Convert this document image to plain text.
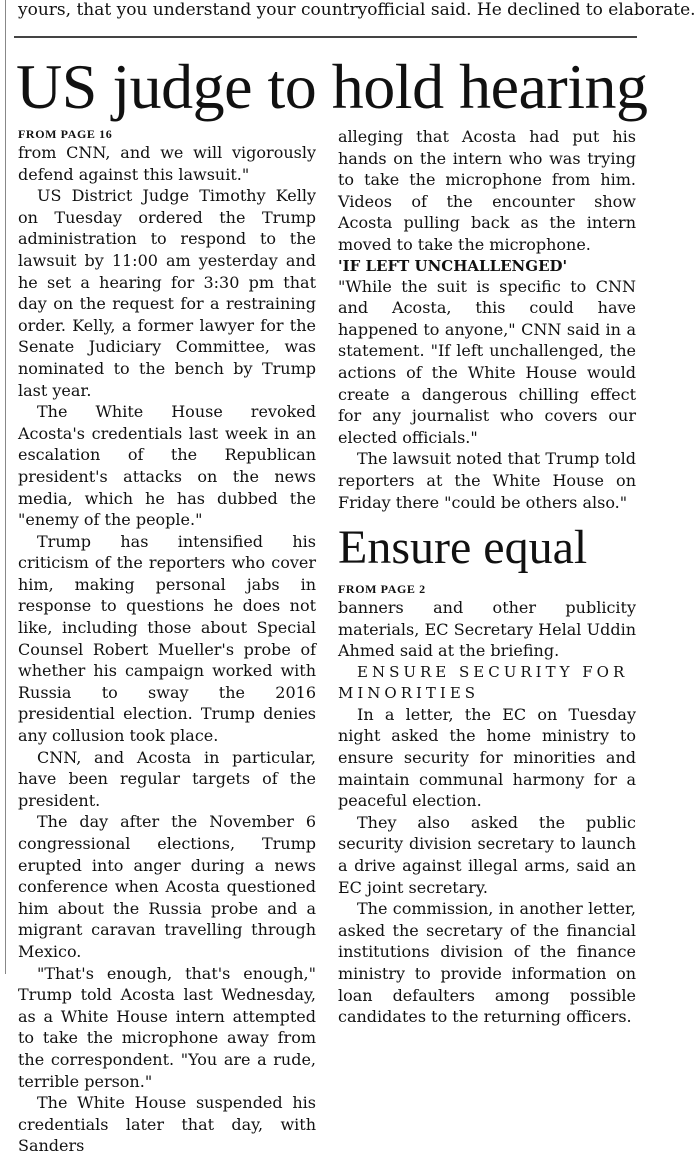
yours, that you understand your country official said. He declined to elaborate.
US judge to hold hearing
FROM PAGE 16

from CNN, and we will vigorously defend against this lawsuit."

US District Judge Timothy Kelly on Tuesday ordered the Trump administration to respond to the lawsuit by 11:00 am yesterday and he set a hearing for 3:30 pm that day on the request for a restraining order. Kelly, a former lawyer for the Senate Judiciary Committee, was nominated to the bench by Trump last year.

The White House revoked Acosta's credentials last week in an escalation of the Republican president's attacks on the news media, which he has dubbed the "enemy of the people."

Trump has intensified his criticism of the reporters who cover him, making personal jabs in response to questions he does not like, including those about Special Counsel Robert Mueller's probe of whether his campaign worked with Russia to sway the 2016 presidential election. Trump denies any collusion took place.

CNN, and Acosta in particular, have been regular targets of the president.

The day after the November 6 congressional elections, Trump erupted into anger during a news conference when Acosta questioned him about the Russia probe and a migrant caravan travelling through Mexico.

"That's enough, that's enough," Trump told Acosta last Wednesday, as a White House intern attempted to take the microphone away from the correspondent. "You are a rude, terrible person."

The White House suspended his credentials later that day, with Sanders

alleging that Acosta had put his hands on the intern who was trying to take the microphone from him. Videos of the encounter show Acosta pulling back as the intern moved to take the microphone.

'IF LEFT UNCHALLENGED'

"While the suit is specific to CNN and Acosta, this could have happened to anyone," CNN said in a statement. "If left unchallenged, the actions of the White House would create a dangerous chilling effect for any journalist who covers our elected officials."

The lawsuit noted that Trump told reporters at the White House on Friday there "could be others also."

Ensure equal
FROM PAGE 2

banners and other publicity materials, EC Secretary Helal Uddin Ahmed said at the briefing.

ENSURE SECURITY FOR MINORITIES

In a letter, the EC on Tuesday night asked the home ministry to ensure security for minorities and maintain communal harmony for a peaceful election.

They also asked the public security division secretary to launch a drive against illegal arms, said an EC joint secretary.

The commission, in another letter, asked the secretary of the financial institutions division of the finance ministry to provide information on loan defaulters among possible candidates to the returning officers.
